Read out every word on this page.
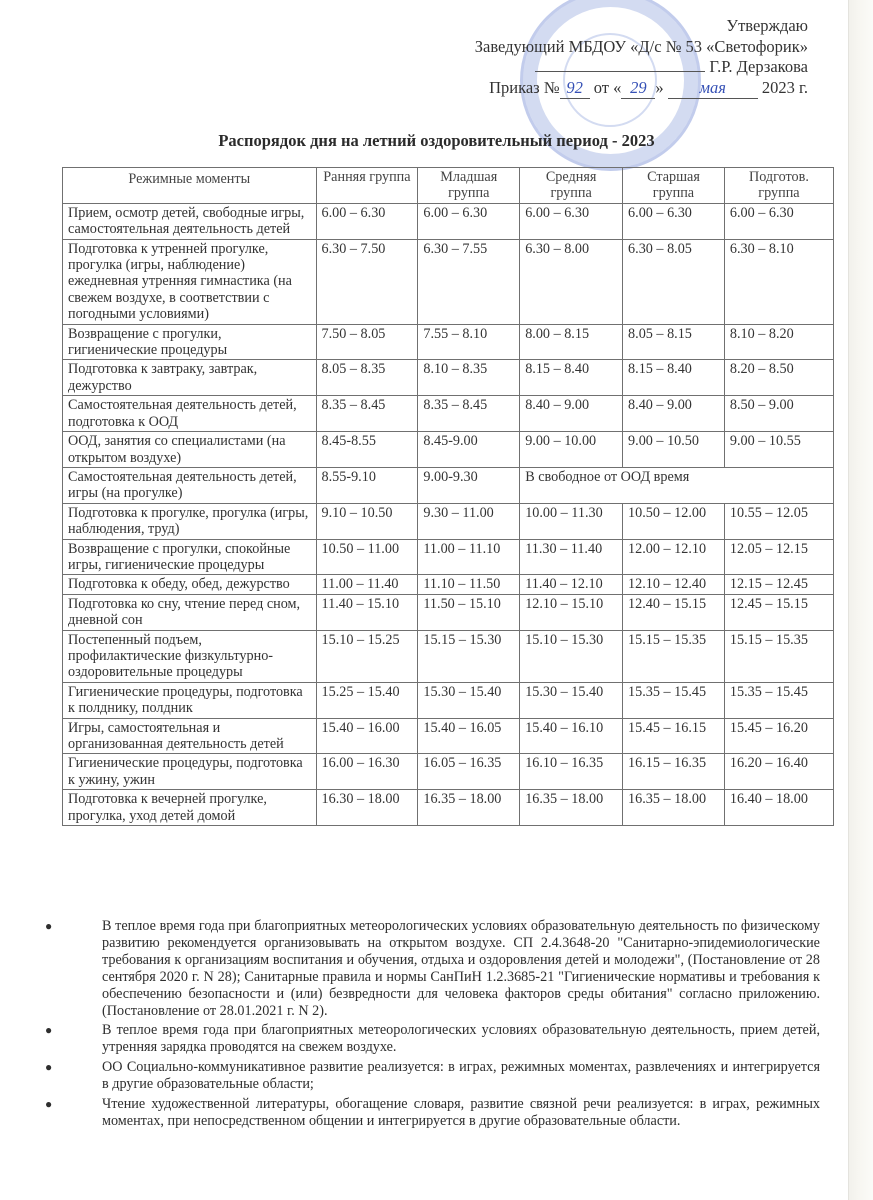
Утверждаю
Заведующий МБДОУ «Д/с № 53 «Светофорик»
Г.Р. Дерзакова
Приказ № 92 от « 29 » мая 2023 г.
Распорядок дня на летний оздоровительный период - 2023
Режимные моменты	Ранняя группа	Младшая группа	Средняя группа	Старшая группа	Подготов. группа
Прием, осмотр детей, свободные игры, самостоятельная деятельность детей	6.00 – 6.30	6.00 – 6.30	6.00 – 6.30	6.00 – 6.30	6.00 – 6.30
Подготовка к утренней прогулке, прогулка (игры, наблюдение) ежедневная утренняя гимнастика (на свежем воздухе, в соответствии с погодными условиями)	6.30 – 7.50	6.30 – 7.55	6.30 – 8.00	6.30 – 8.05	6.30 – 8.10
Возвращение с прогулки, гигиенические процедуры	7.50 – 8.05	7.55 – 8.10	8.00 – 8.15	8.05 – 8.15	8.10 – 8.20
Подготовка к завтраку, завтрак, дежурство	8.05 – 8.35	8.10 – 8.35	8.15 – 8.40	8.15 – 8.40	8.20 – 8.50
Самостоятельная деятельность детей, подготовка к ООД	8.35 – 8.45	8.35 – 8.45	8.40 – 9.00	8.40 – 9.00	8.50 – 9.00
ООД, занятия со специалистами (на открытом воздухе)	8.45-8.55	8.45-9.00	9.00 – 10.00	9.00 – 10.50	9.00 – 10.55
Самостоятельная деятельность детей, игры (на прогулке)	8.55-9.10	9.00-9.30	В свободное от ООД время		
Подготовка к прогулке, прогулка (игры, наблюдения, труд)	9.10 – 10.50	9.30 – 11.00	10.00 – 11.30	10.50 – 12.00	10.55 – 12.05
Возвращение с прогулки, спокойные игры, гигиенические процедуры	10.50 – 11.00	11.00 – 11.10	11.30 – 11.40	12.00 – 12.10	12.05 – 12.15
Подготовка к обеду, обед, дежурство	11.00 – 11.40	11.10 – 11.50	11.40 – 12.10	12.10 – 12.40	12.15 – 12.45
Подготовка ко сну, чтение перед сном, дневной сон	11.40 – 15.10	11.50 – 15.10	12.10 – 15.10	12.40 – 15.15	12.45 – 15.15
Постепенный подъем, профилактические физкультурно-оздоровительные процедуры	15.10 – 15.25	15.15 – 15.30	15.10 – 15.30	15.15 – 15.35	15.15 – 15.35
Гигиенические процедуры, подготовка к полднику, полдник	15.25 – 15.40	15.30 – 15.40	15.30 – 15.40	15.35 – 15.45	15.35 – 15.45
Игры, самостоятельная и организованная деятельность детей	15.40 – 16.00	15.40 – 16.05	15.40 – 16.10	15.45 – 16.15	15.45 – 16.20
Гигиенические процедуры, подготовка к ужину, ужин	16.00 – 16.30	16.05 – 16.35	16.10 – 16.35	16.15 – 16.35	16.20 – 16.40
Подготовка к вечерней прогулке, прогулка, уход детей домой	16.30 – 18.00	16.35 – 18.00	16.35 – 18.00	16.35 – 18.00	16.40 – 18.00
●	В теплое время года при благоприятных метеорологических условиях образовательную деятельность по физическому развитию рекомендуется организовывать на открытом воздухе. СП 2.4.3648-20 "Санитарно-эпидемиологические требования к организациям воспитания и обучения, отдыха и оздоровления детей и молодежи", (Постановление от 28 сентября 2020 г. N 28); Санитарные правила и нормы СанПиН 1.2.3685-21 "Гигиенические нормативы и требования к обеспечению безопасности и (или) безвредности для человека факторов среды обитания" согласно приложению. (Постановление от 28.01.2021 г. N 2).
●	В теплое время года при благоприятных метеорологических условиях образовательную деятельность, прием детей, утренняя зарядка проводятся на свежем воздухе.
●	ОО Социально-коммуникативное развитие реализуется: в играх, режимных моментах, развлечениях и интегрируется в другие образовательные области;
●	Чтение художественной литературы, обогащение словаря, развитие связной речи реализуется: в играх, режимных моментах, при непосредственном общении и интегрируется в другие образовательные области.
